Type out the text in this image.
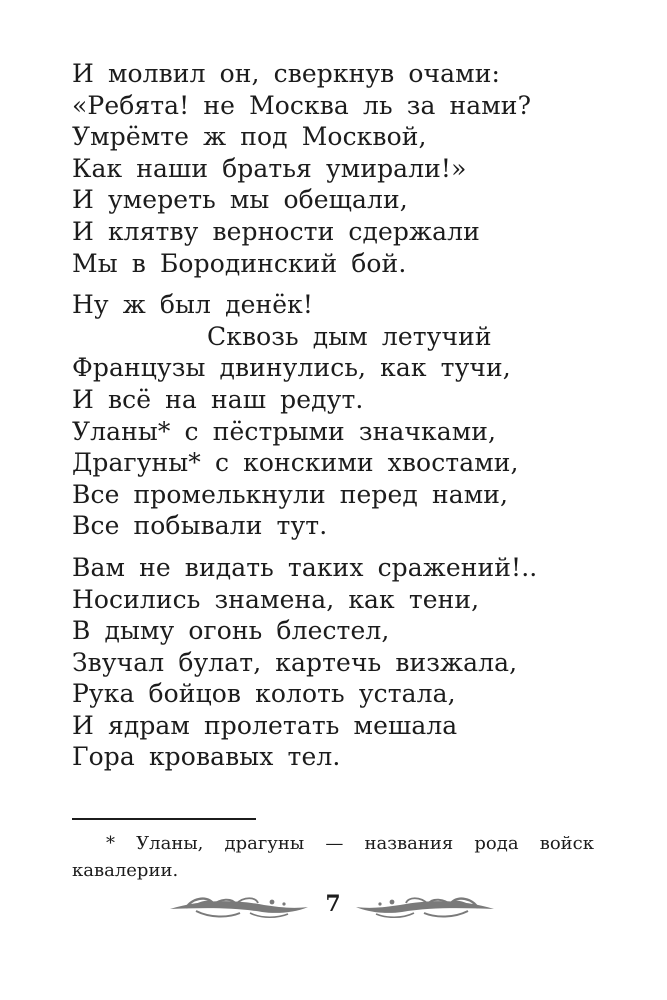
И молвил он, сверкнув очами:
«Ребята! не Москва ль за нами?
Умрёмте ж под Москвой,
Как наши братья умирали!»
И умереть мы обещали,
И клятву верности сдержали
Мы в Бородинский бой.
Ну ж был денёк!
Сквозь дым летучий
Французы двинулись, как тучи,
И всё на наш редут.
Уланы* с пёстрыми значками,
Драгуны* с конскими хвостами,
Все промелькнули перед нами,
Все побывали тут.
Вам не видать таких сражений!..
Носились знамена, как тени,
В дыму огонь блестел,
Звучал булат, картечь визжала,
Рука бойцов колоть устала,
И ядрам пролетать мешала
Гора кровавых тел.
* Уланы, драгуны — названия рода войск кавалерии.
7
